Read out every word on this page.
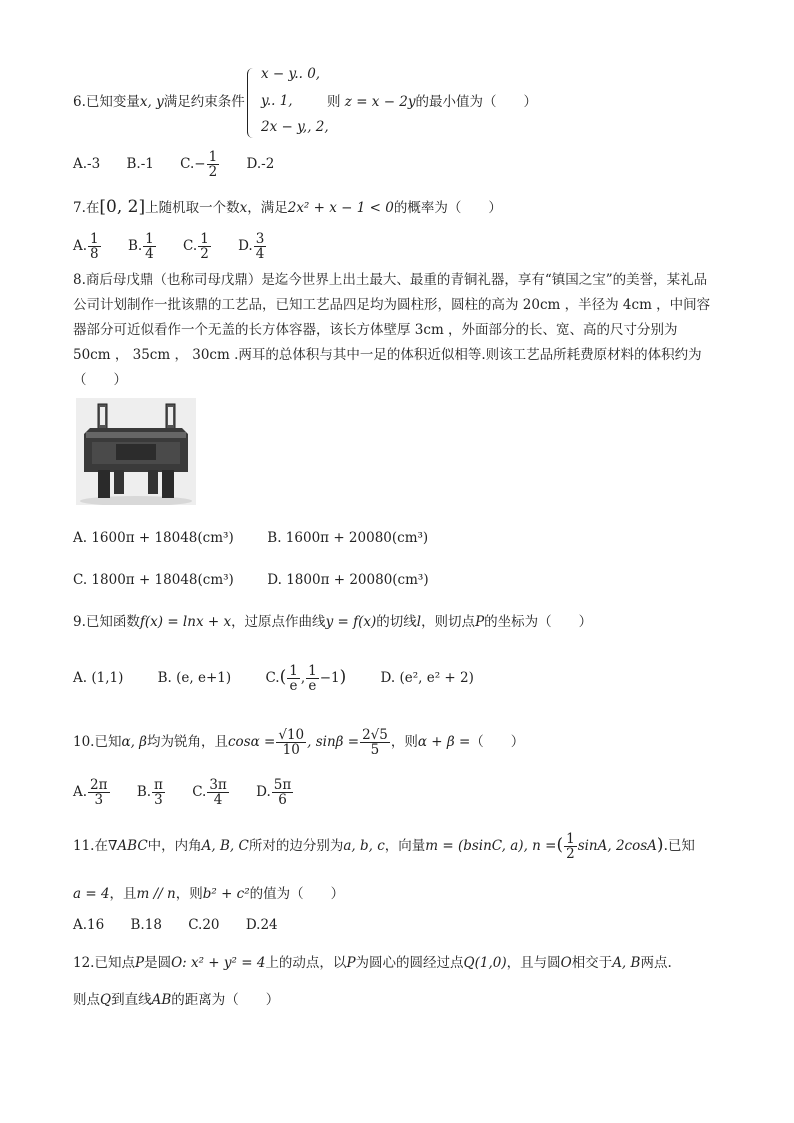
6.已知变量x, y满足约束条件
x − y.. 0,
y.. 1,
2x − y,, 2,
则 z = x − 2y的最小值为（　　）
A.-3 B.-1 $C.- \frac{1}{2} D.-2$
7.在[0, 2]上随机取一个数x，满足2x² + x − 1 < 0的概率为（　　）
A. $\frac{1}{8} B$. $\frac{1}{4} C$. $\frac{1}{2} D$. $\frac{3}{4}$
8.商后母戊鼎（也称司母戊鼎）是迄今世界上出土最大、最重的青铜礼器，享有“镇国之宝”的美誉，某礼品
公司计划制作一批该鼎的工艺品，已知工艺品四足均为圆柱形，圆柱的高为 20cm ，半径为 4cm ，中间容
器部分可近似看作一个无盖的长方体容器，该长方体壁厚 3cm ，外面部分的长、宽、高的尺寸分别为
50cm ， 35cm ， 30cm .两耳的总体积与其中一足的体积近似相等.则该工艺品所耗费原材料的体积约为
（　　）
A. 1600π + 18048(cm³) B. 1600π + 20080(cm³)
C. 1800π + 18048(cm³) D. 1800π + 20080(cm³)
9.已知函数f(x) = lnx + x，过原点作曲线y = f(x)的切线l，则切点P的坐标为（　　）
A. (1,1)	B. (e, e+1)	$C.( \frac{1}{e}$ , $\frac{1}{e} -1$)	D. (e², e² + 2)
10.已知α, β均为锐角，且$\cos\alpha = \frac{√10}{10}$ , $\sin\beta = \frac{2√5}{5}$ ，则α + β =（　　）
A. $\frac{2\pi}{3} B$. $\frac{\pi}{3} C$. $\frac{3\pi}{4} D$. $\frac{5\pi}{6}$
11.在∇ABC中，内角A, B, C所对的边分别为a, b, c，向量m = (bsinC, a), n =( $\frac{1}{2} \sin A$, 2cosA).已知
a = 4，且m // n，则b² + c²的值为（　　）
A.16 B.18 C.20 D.24
12.已知点P是圆O: x² + y² = 4上的动点，以P为圆心的圆经过点Q(1,0)，且与圆O相交于A, B两点.
则点Q到直线AB的距离为（　　）
